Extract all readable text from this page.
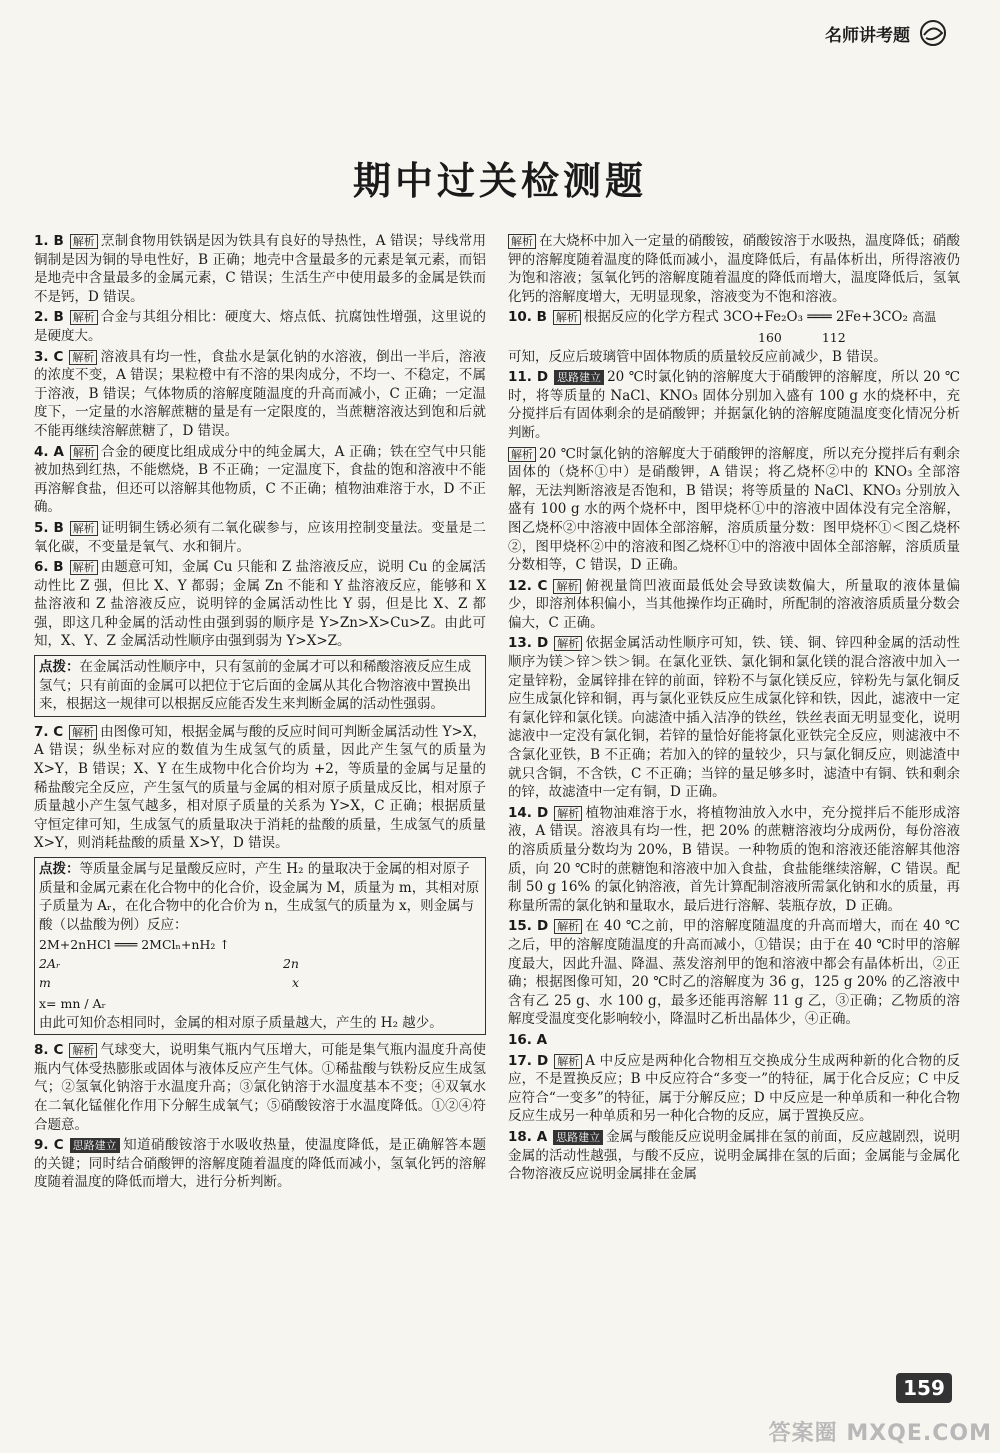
名师讲考题
期中过关检测题

1. B 解析 烹制食物用铁锅是因为铁具有良好的导热性，A 错误；导线常用铜制是因为铜的导电性好，B 正确；地壳中含量最多的元素是氧元素，而铝是地壳中含量最多的金属元素，C 错误；生活生产中使用最多的金属是铁而不是钙，D 错误。

2. B 解析 合金与其组分相比：硬度大、熔点低、抗腐蚀性增强，这里说的是硬度大。

3. C 解析 溶液具有均一性，食盐水是氯化钠的水溶液，倒出一半后，溶液的浓度不变，A 错误；果粒橙中有不溶的果肉成分，不均一、不稳定，不属于溶液，B 错误；气体物质的溶解度随温度的升高而减小，C 正确；一定温度下，一定量的水溶解蔗糖的量是有一定限度的，当蔗糖溶液达到饱和后就不能再继续溶解蔗糖了，D 错误。

4. A 解析 合金的硬度比组成成分中的纯金属大，A 正确；铁在空气中只能被加热到红热，不能燃烧，B 不正确；一定温度下，食盐的饱和溶液中不能再溶解食盐，但还可以溶解其他物质，C 不正确；植物油难溶于水，D 不正确。

5. B 解析 证明铜生锈必须有二氧化碳参与，应该用控制变量法。变量是二氧化碳，不变量是氧气、水和铜片。

6. B 解析 由题意可知，金属 Cu 只能和 Z 盐溶液反应，说明 Cu 的金属活动性比 Z 强，但比 X、Y 都弱；金属 Zn 不能和 Y 盐溶液反应，能够和 X 盐溶液和 Z 盐溶液反应，说明锌的金属活动性比 Y 弱，但是比 X、Z 都强，即这几种金属的活动性由强到弱的顺序是 Y>Zn>X>Cu>Z。由此可知，X、Y、Z 金属活动性顺序由强到弱为 Y>X>Z。

点拨：在金属活动性顺序中，只有氢前的金属才可以和稀酸溶液反应生成氢气；只有前面的金属可以把位于它后面的金属从其化合物溶液中置换出来，根据这一规律可以根据反应能否发生来判断金属的活动性强弱。

7. C 解析 由图像可知，根据金属与酸的反应时间可判断金属活动性 Y>X，A 错误；纵坐标对应的数值为生成氢气的质量，因此产生氢气的质量为 X>Y，B 错误；X、Y 在生成物中化合价均为 +2，等质量的金属与足量的稀盐酸完全反应，产生氢气的质量与金属的相对原子质量成反比，相对原子质量越小产生氢气越多，相对原子质量的关系为 Y>X，C 正确；根据质量守恒定律可知，生成氢气的质量取决于消耗的盐酸的质量，生成氢气的质量 X>Y，则消耗盐酸的质量 X>Y，D 错误。

点拨：等质量金属与足量酸反应时，产生 H₂ 的量取决于金属的相对原子质量和金属元素在化合物中的化合价，设金属为 M，质量为 m，其相对原子质量为 Aᵣ，在化合物中的化合价为 n，生成氢气的质量为 x，则金属与酸（以盐酸为例）反应：
2M+2nHCl ═══ 2MClₙ+nH₂ ↑
2Aᵣ	2n
m	x
x= mn / Aᵣ
由此可知价态相同时，金属的相对原子质量越大，产生的 H₂ 越少。

8. C 解析 气球变大，说明集气瓶内气压增大，可能是集气瓶内温度升高使瓶内气体受热膨胀或固体与液体反应产生气体。①稀盐酸与铁粉反应生成氢气；②氢氧化钠溶于水温度升高；③氯化钠溶于水温度基本不变；④双氧水在二氧化锰催化作用下分解生成氧气；⑤硝酸铵溶于水温度降低。①②④符合题意。

9. C 思路建立 知道硝酸铵溶于水吸收热量，使温度降低，是正确解答本题的关键；同时结合硝酸钾的溶解度随着温度的降低而减小，氢氧化钙的溶解度随着温度的降低而增大，进行分析判断。

解析 在大烧杯中加入一定量的硝酸铵，硝酸铵溶于水吸热，温度降低；硝酸钾的溶解度随着温度的降低而减小，温度降低后，有晶体析出，所得溶液仍为饱和溶液；氢氧化钙的溶解度随着温度的降低而增大，温度降低后，氢氧化钙的溶解度增大，无明显现象，溶液变为不饱和溶液。

10. B 解析 根据反应的化学方程式 3CO+Fe₂O₃ ═══ 2Fe+3CO₂ 高温

160	112

可知，反应后玻璃管中固体物质的质量较反应前减少，B 错误。

11. D 思路建立 20 ℃时氯化钠的溶解度大于硝酸钾的溶解度，所以 20 ℃时，将等质量的 NaCl、KNO₃ 固体分别加入盛有 100 g 水的烧杯中，充分搅拌后有固体剩余的是硝酸钾；并据氯化钠的溶解度随温度变化情况分析判断。

解析 20 ℃时氯化钠的溶解度大于硝酸钾的溶解度，所以充分搅拌后有剩余固体的（烧杯①中）是硝酸钾，A 错误；将乙烧杯②中的 KNO₃ 全部溶解，无法判断溶液是否饱和，B 错误；将等质量的 NaCl、KNO₃ 分别放入盛有 100 g 水的两个烧杯中，图甲烧杯①中的溶液中固体没有完全溶解，图乙烧杯②中溶液中固体全部溶解，溶质质量分数：图甲烧杯①＜图乙烧杯②，图甲烧杯②中的溶液和图乙烧杯①中的溶液中固体全部溶解，溶质质量分数相等，C 错误，D 正确。

12. C 解析 俯视量筒凹液面最低处会导致读数偏大，所量取的液体量偏少，即溶剂体积偏小，当其他操作均正确时，所配制的溶液溶质质量分数会偏大，C 正确。

13. D 解析 依据金属活动性顺序可知，铁、镁、铜、锌四种金属的活动性顺序为镁＞锌＞铁＞铜。在氯化亚铁、氯化铜和氯化镁的混合溶液中加入一定量锌粉，金属锌排在锌的前面，锌粉不与氯化镁反应，锌粉先与氯化铜反应生成氯化锌和铜，再与氯化亚铁反应生成氯化锌和铁，因此，滤液中一定有氯化锌和氯化镁。向滤渣中插入洁净的铁丝，铁丝表面无明显变化，说明滤液中一定没有氯化铜，若锌的量恰好能将氯化亚铁完全反应，则滤液中不含氯化亚铁，B 不正确；若加入的锌的量较少，只与氯化铜反应，则滤渣中就只含铜，不含铁，C 不正确；当锌的量足够多时，滤渣中有铜、铁和剩余的锌，故滤渣中一定有铜，D 正确。

14. D 解析 植物油难溶于水，将植物油放入水中，充分搅拌后不能形成溶液，A 错误。溶液具有均一性，把 20% 的蔗糖溶液均分成两份，每份溶液的溶质质量分数均为 20%，B 错误。一种物质的饱和溶液还能溶解其他溶质，向 20 ℃时的蔗糖饱和溶液中加入食盐，食盐能继续溶解，C 错误。配制 50 g 16% 的氯化钠溶液，首先计算配制溶液所需氯化钠和水的质量，再称量所需的氯化钠和量取水，最后进行溶解、装瓶存放，D 正确。

15. D 解析 在 40 ℃之前，甲的溶解度随温度的升高而增大，而在 40 ℃之后，甲的溶解度随温度的升高而减小，①错误；由于在 40 ℃时甲的溶解度最大，因此升温、降温、蒸发溶剂甲的饱和溶液中都会有晶体析出，②正确；根据图像可知，20 ℃时乙的溶解度为 36 g，125 g 20% 的乙溶液中含有乙 25 g、水 100 g，最多还能再溶解 11 g 乙，③正确；乙物质的溶解度受温度变化影响较小，降温时乙析出晶体少，④正确。

16. A

17. D 解析 A 中反应是两种化合物相互交换成分生成两种新的化合物的反应，不是置换反应；B 中反应符合“多变一”的特征，属于化合反应；C 中反应符合“一变多”的特征，属于分解反应；D 中反应是一种单质和一种化合物反应生成另一种单质和另一种化合物的反应，属于置换反应。

18. A 思路建立 金属与酸能反应说明金属排在氢的前面，反应越剧烈，说明金属的活动性越强，与酸不反应，说明金属排在氢的后面；金属能与金属化合物溶液反应说明金属排在金属

159
答案圈 MXQE.COM
